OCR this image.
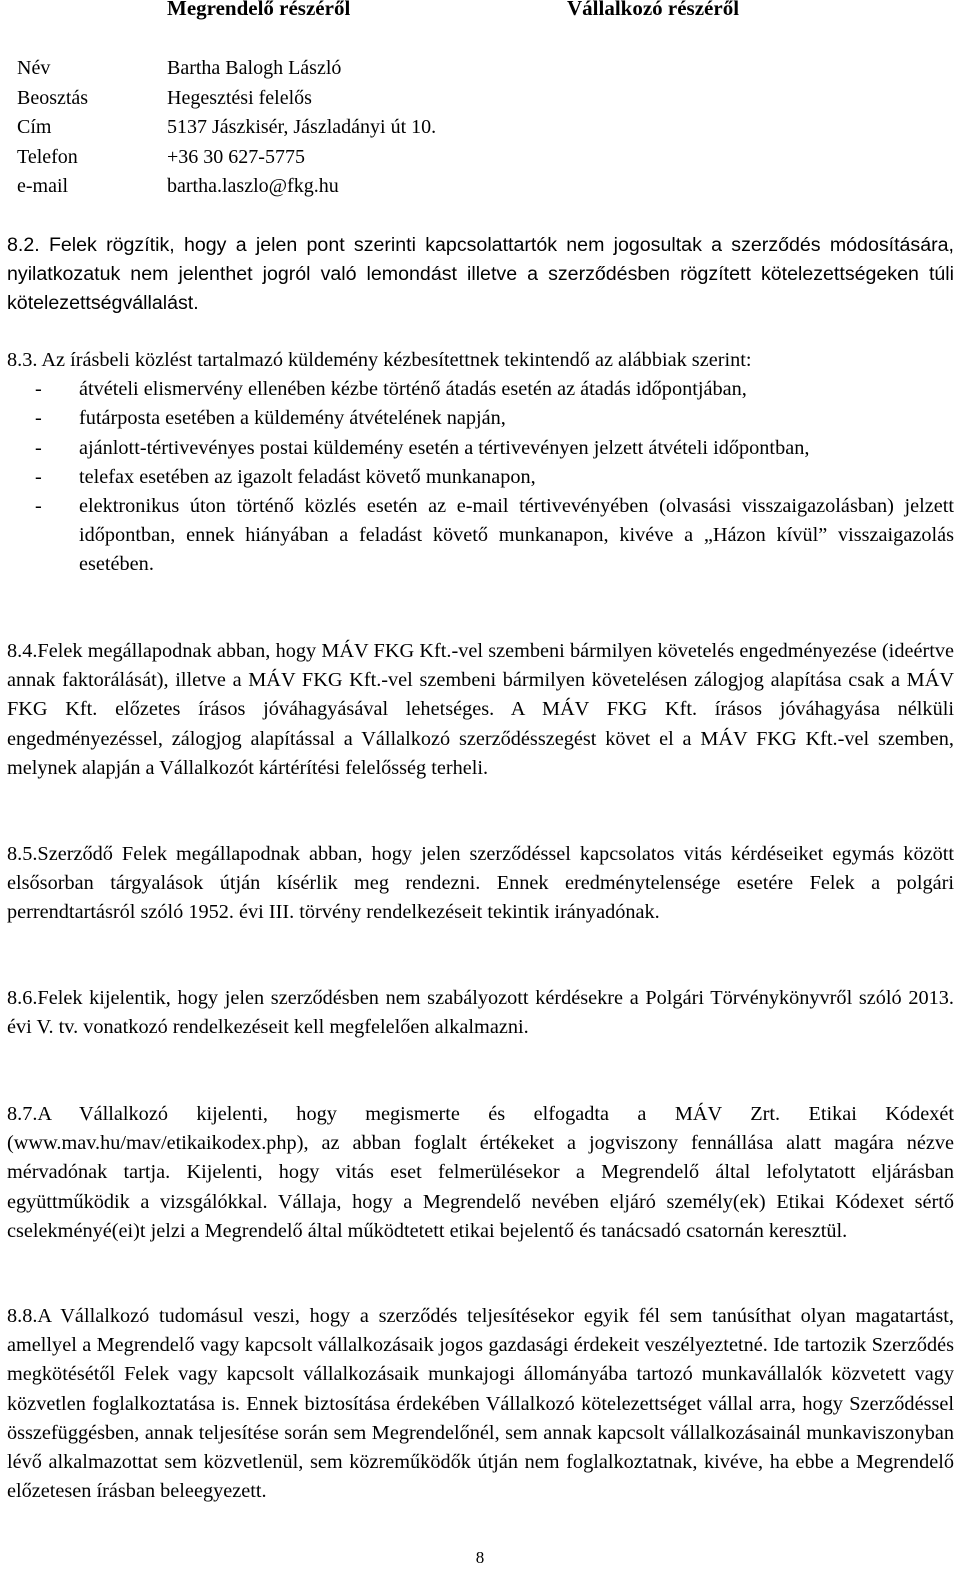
Megrendelő részéről	Vállalkozó részéről
Név	Bartha Balogh László
Beosztás	Hegesztési felelős
Cím	5137 Jászkisér, Jászladányi út 10.
Telefon	+36 30 627-5775
e-mail	bartha.laszlo@fkg.hu
8.2. Felek rögzítik, hogy a jelen pont szerinti kapcsolattartók nem jogosultak a szerződés módosítására, nyilatkozatuk nem jelenthet jogról való lemondást illetve a szerződésben rögzített kötelezettségeken túli kötelezettségvállalást.
8.3. Az írásbeli közlést tartalmazó küldemény kézbesítettnek tekintendő az alábbiak szerint:
- átvételi elismervény ellenében kézbe történő átadás esetén az átadás időpontjában,
- futárposta esetében a küldemény átvételének napján,
- ajánlott-tértivevényes postai küldemény esetén a tértivevényen jelzett átvételi időpontban,
- telefax esetében az igazolt feladást követő munkanapon,
- elektronikus úton történő közlés esetén az e-mail tértivevényében (olvasási visszaigazolásban) jelzett időpontban, ennek hiányában a feladást követő munkanapon, kivéve a „Házon kívül” visszaigazolás esetében.
8.4.Felek megállapodnak abban, hogy MÁV FKG Kft.-vel szembeni bármilyen követelés engedményezése (ideértve annak faktorálását), illetve a MÁV FKG Kft.-vel szembeni bármilyen követelésen zálogjog alapítása csak a MÁV FKG Kft. előzetes írásos jóváhagyásával lehetséges. A MÁV FKG Kft. írásos jóváhagyása nélküli engedményezéssel, zálogjog alapítással a Vállalkozó szerződésszegést követ el a MÁV FKG Kft.-vel szemben, melynek alapján a Vállalkozót kártérítési felelősség terheli.
8.5.Szerződő Felek megállapodnak abban, hogy jelen szerződéssel kapcsolatos vitás kérdéseiket egymás között elsősorban tárgyalások útján kísérlik meg rendezni. Ennek eredménytelensége esetére Felek a polgári perrendtartásról szóló 1952. évi III. törvény rendelkezéseit tekintik irányadónak.
8.6.Felek kijelentik, hogy jelen szerződésben nem szabályozott kérdésekre a Polgári Törvénykönyvről szóló 2013. évi V. tv. vonatkozó rendelkezéseit kell megfelelően alkalmazni.
8.7.A Vállalkozó kijelenti, hogy megismerte és elfogadta a MÁV Zrt. Etikai Kódexét (www.mav.hu/mav/etikaikodex.php), az abban foglalt értékeket a jogviszony fennállása alatt magára nézve mérvadónak tartja. Kijelenti, hogy vitás eset felmerülésekor a Megrendelő által lefolytatott eljárásban együttműködik a vizsgálókkal. Vállaja, hogy a Megrendelő nevében eljáró személy(ek) Etikai Kódexet sértő cselekményé(ei)t jelzi a Megrendelő által működtetett etikai bejelentő és tanácsadó csatornán keresztül.
8.8.A Vállalkozó tudomásul veszi, hogy a szerződés teljesítésekor egyik fél sem tanúsíthat olyan magatartást, amellyel a Megrendelő vagy kapcsolt vállalkozásaik jogos gazdasági érdekeit veszélyeztetné. Ide tartozik Szerződés megkötésétől Felek vagy kapcsolt vállalkozásaik munkajogi állományába tartozó munkavállalók közvetett vagy közvetlen foglalkoztatása is. Ennek biztosítása érdekében Vállalkozó kötelezettséget vállal arra, hogy Szerződéssel összefüggésben, annak teljesítése során sem Megrendelőnél, sem annak kapcsolt vállalkozásainál munkaviszonyban lévő alkalmazottat sem közvetlenül, sem közreműködők útján nem foglalkoztatnak, kivéve, ha ebbe a Megrendelő előzetesen írásban beleegyezett.
8
